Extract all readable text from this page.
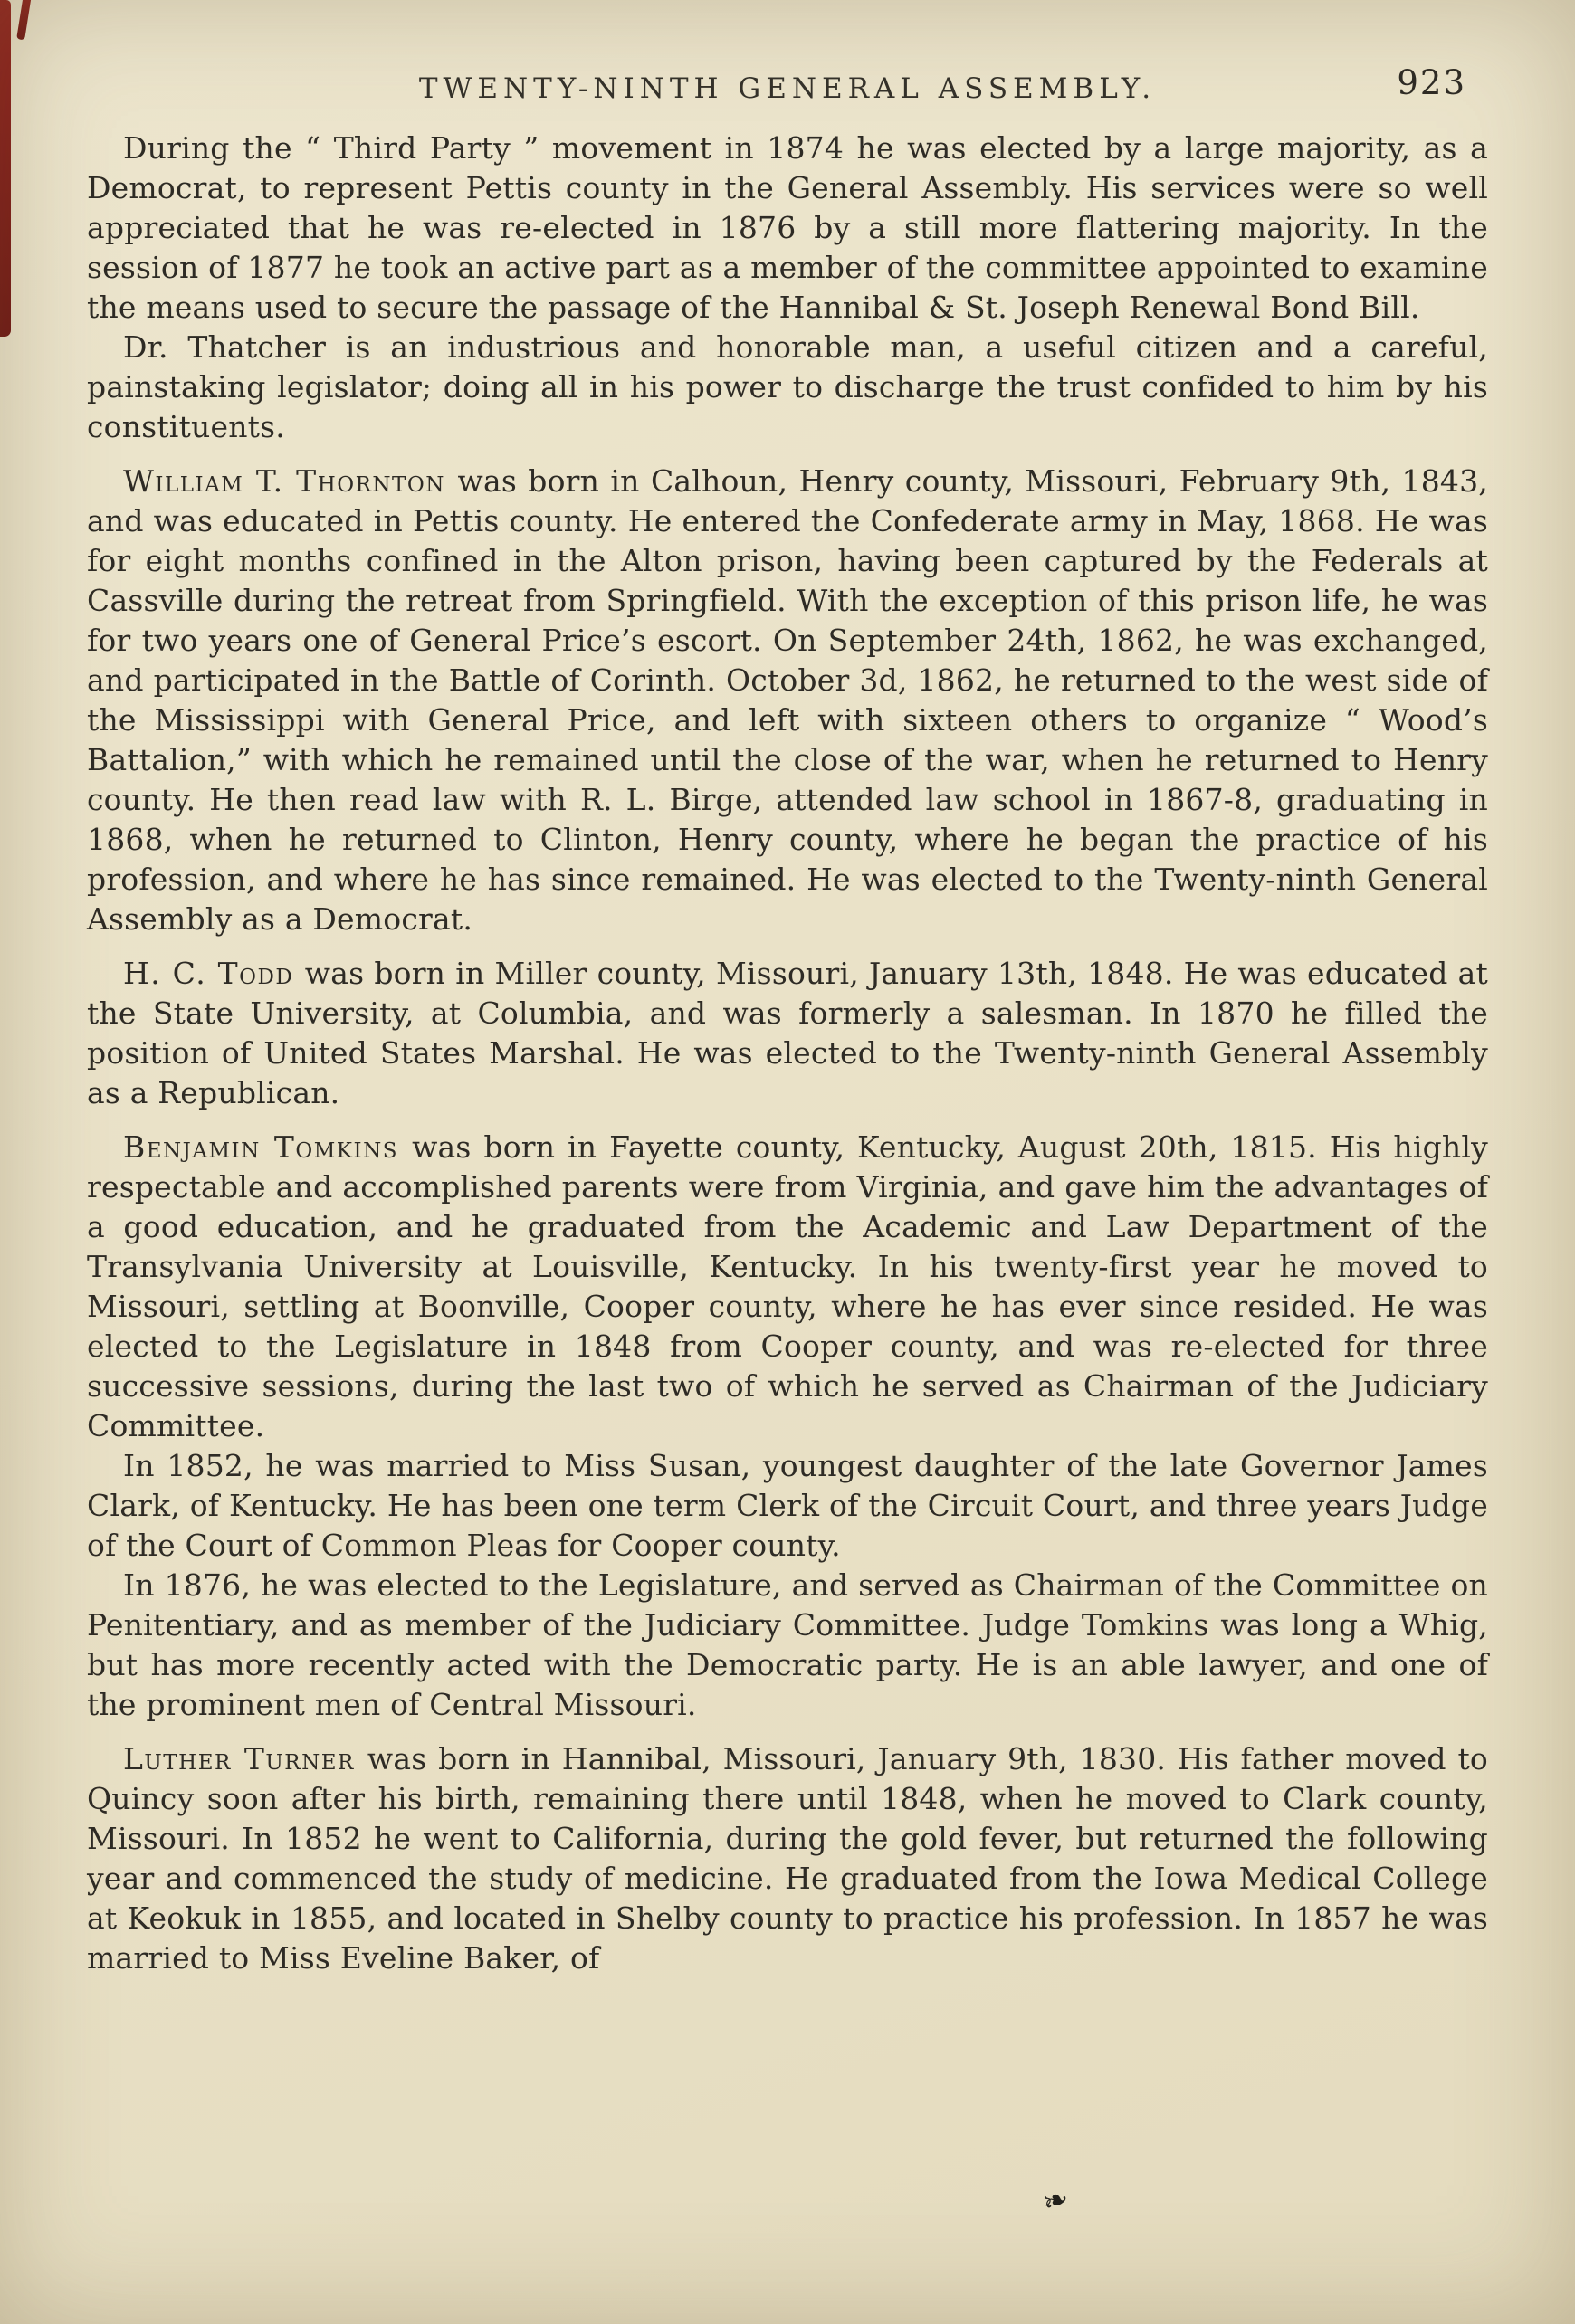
TWENTY-NINTH GENERAL ASSEMBLY.	923

During the “ Third Party ” movement in 1874 he was elected by a large majority, as a Democrat, to represent Pettis county in the General Assembly. His services were so well appreciated that he was re-elected in 1876 by a still more flattering majority. In the session of 1877 he took an active part as a member of the committee appointed to examine the means used to secure the passage of the Hannibal & St. Joseph Renewal Bond Bill.

Dr. Thatcher is an industrious and honorable man, a useful citizen and a careful, painstaking legislator; doing all in his power to discharge the trust confided to him by his constituents.

William T. Thornton was born in Calhoun, Henry county, Missouri, February 9th, 1843, and was educated in Pettis county. He entered the Confederate army in May, 1868. He was for eight months confined in the Alton prison, having been captured by the Federals at Cassville during the retreat from Springfield. With the exception of this prison life, he was for two years one of General Price’s escort. On September 24th, 1862, he was exchanged, and participated in the Battle of Corinth. October 3d, 1862, he returned to the west side of the Mississippi with General Price, and left with sixteen others to organize “ Wood’s Battalion,” with which he remained until the close of the war, when he returned to Henry county. He then read law with R. L. Birge, attended law school in 1867-8, graduating in 1868, when he returned to Clinton, Henry county, where he began the practice of his profession, and where he has since remained. He was elected to the Twenty-ninth General Assembly as a Democrat.

H. C. Todd was born in Miller county, Missouri, January 13th, 1848. He was educated at the State University, at Columbia, and was formerly a salesman. In 1870 he filled the position of United States Marshal. He was elected to the Twenty-ninth General Assembly as a Republican.

Benjamin Tomkins was born in Fayette county, Kentucky, August 20th, 1815. His highly respectable and accomplished parents were from Virginia, and gave him the advantages of a good education, and he graduated from the Academic and Law Department of the Transylvania University at Louisville, Kentucky. In his twenty-first year he moved to Missouri, settling at Boonville, Cooper county, where he has ever since resided. He was elected to the Legislature in 1848 from Cooper county, and was re-elected for three successive sessions, during the last two of which he served as Chairman of the Judiciary Committee.

In 1852, he was married to Miss Susan, youngest daughter of the late Governor James Clark, of Kentucky. He has been one term Clerk of the Circuit Court, and three years Judge of the Court of Common Pleas for Cooper county.

In 1876, he was elected to the Legislature, and served as Chairman of the Committee on Penitentiary, and as member of the Judiciary Committee. Judge Tomkins was long a Whig, but has more recently acted with the Democratic party. He is an able lawyer, and one of the prominent men of Central Missouri.

Luther Turner was born in Hannibal, Missouri, January 9th, 1830. His father moved to Quincy soon after his birth, remaining there until 1848, when he moved to Clark county, Missouri. In 1852 he went to California, during the gold fever, but returned the following year and commenced the study of medicine. He graduated from the Iowa Medical College at Keokuk in 1855, and located in Shelby county to practice his profession. In 1857 he was married to Miss Eveline Baker, of

❧
